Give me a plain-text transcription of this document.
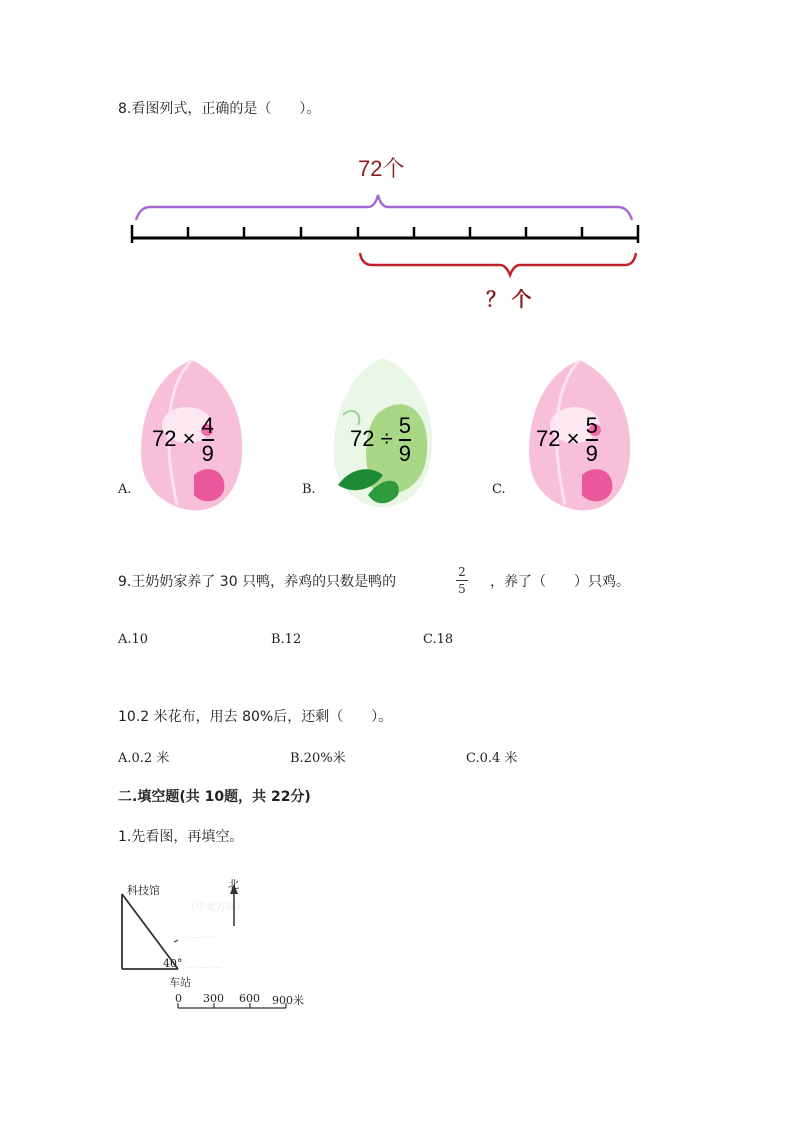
8.看图列式，正确的是（　　）。
72个
？ 个
$72 \times \frac{4}{9}$	$72 \div \frac{5}{9}$	$72 \times \frac{5}{9}$
A.	B.	C.
9.王奶奶家养了 30 只鸭，养鸡的只数是鸭的
2
5 ，养了（　　）只鸡。
A.10	B.12	C.18
10.2 米花布，用去 80%后，还剩（　　）。
A.0.2 米	B.20%米	C.0.4 米
二.填空题(共 10题，共 22分)
1.先看图，再填空。
（中北方向）
·—·—·
—·—·—
科技馆	北
40°
车站
0 300 600 900米
